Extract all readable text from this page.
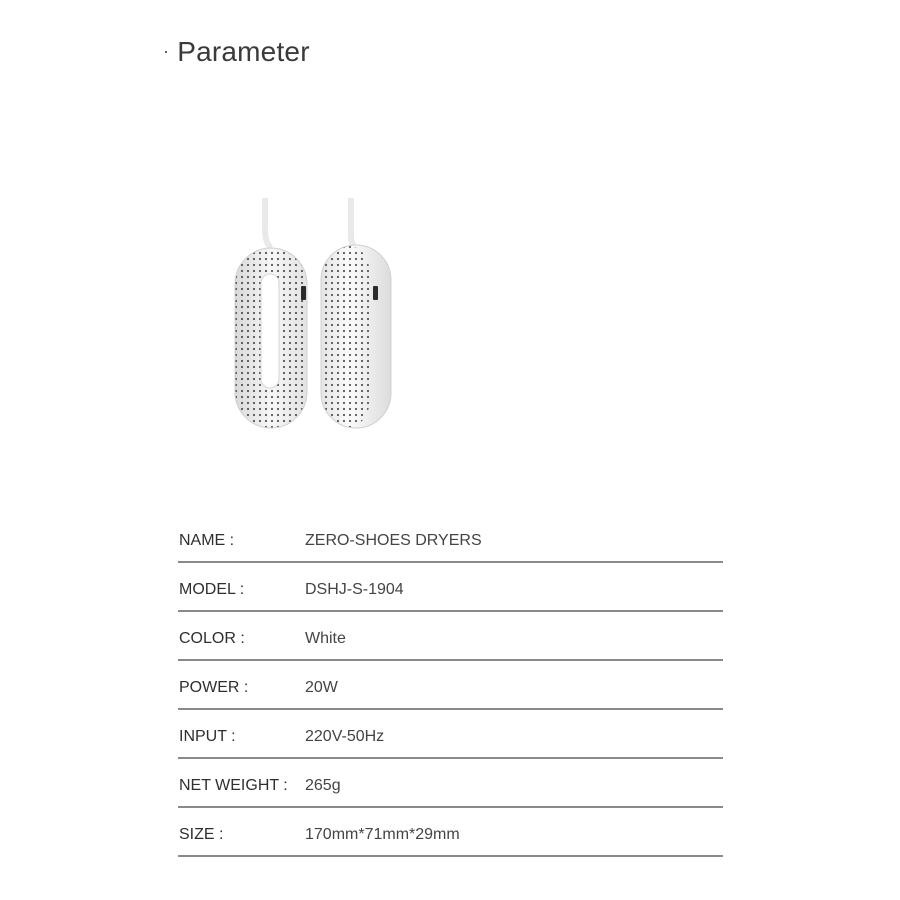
· Parameter
NAME :	ZERO-SHOES DRYERS
MODEL :	DSHJ-S-1904
COLOR :	White
POWER :	20W
INPUT :	220V-50Hz
NET WEIGHT : 265g
SIZE :	170mm*71mm*29mm
